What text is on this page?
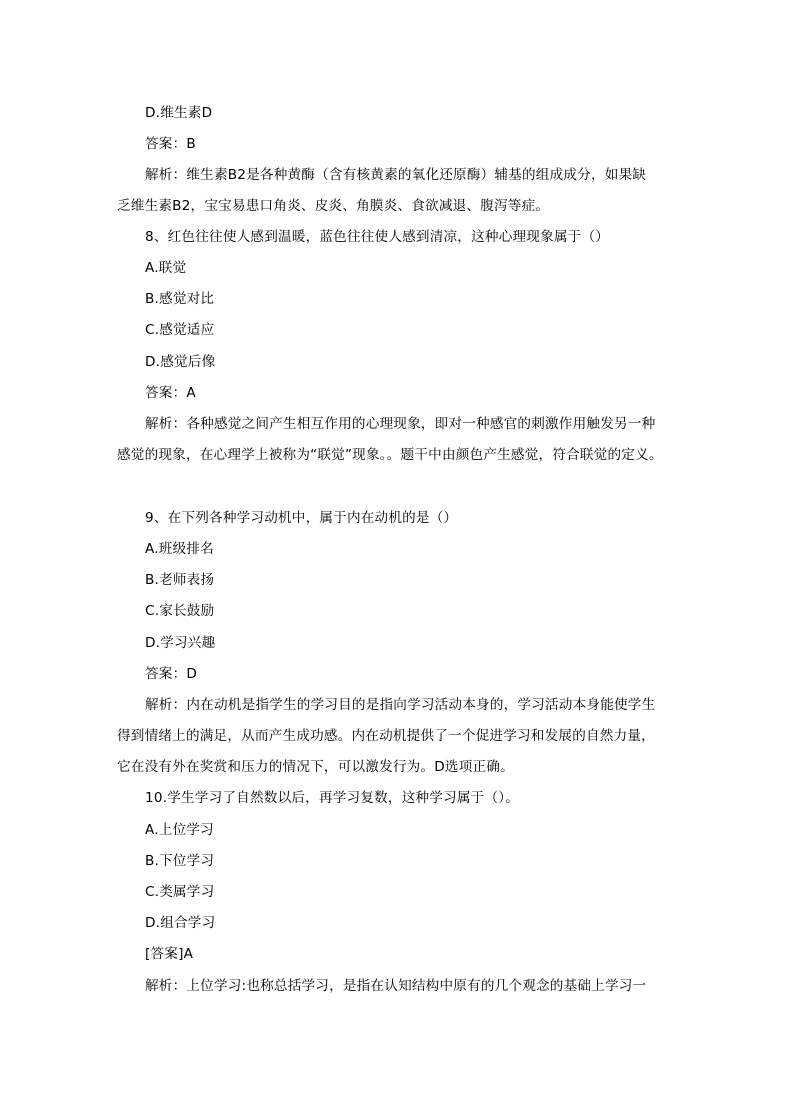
D.维生素D
答案：B
解析：维生素B2是各种黄酶（含有核黄素的氧化还原酶）辅基的组成成分，如果缺
乏维生素B2，宝宝易患口角炎、皮炎、角膜炎、食欲减退、腹泻等症。
8、红色往往使人感到温暖，蓝色往往使人感到清凉，这种心理现象属于（）
A.联觉
B.感觉对比
C.感觉适应
D.感觉后像
答案：A
解析：各种感觉之间产生相互作用的心理现象，即对一种感官的刺激作用触发另一种
感觉的现象，在心理学上被称为“联觉”现象。。题干中由颜色产生感觉，符合联觉的定义。
9、在下列各种学习动机中，属于内在动机的是（）
A.班级排名
B.老师表扬
C.家长鼓励
D.学习兴趣
答案：D
解析：内在动机是指学生的学习目的是指向学习活动本身的，学习活动本身能使学生
得到情绪上的满足，从而产生成功感。内在动机提供了一个促进学习和发展的自然力量，
它在没有外在奖赏和压力的情况下，可以激发行为。D选项正确。
10.学生学习了自然数以后，再学习复数，这种学习属于（）。
A.上位学习
B.下位学习
C.类属学习
D.组合学习
[答案]A
解析：上位学习:也称总括学习，是指在认知结构中原有的几个观念的基础上学习一
